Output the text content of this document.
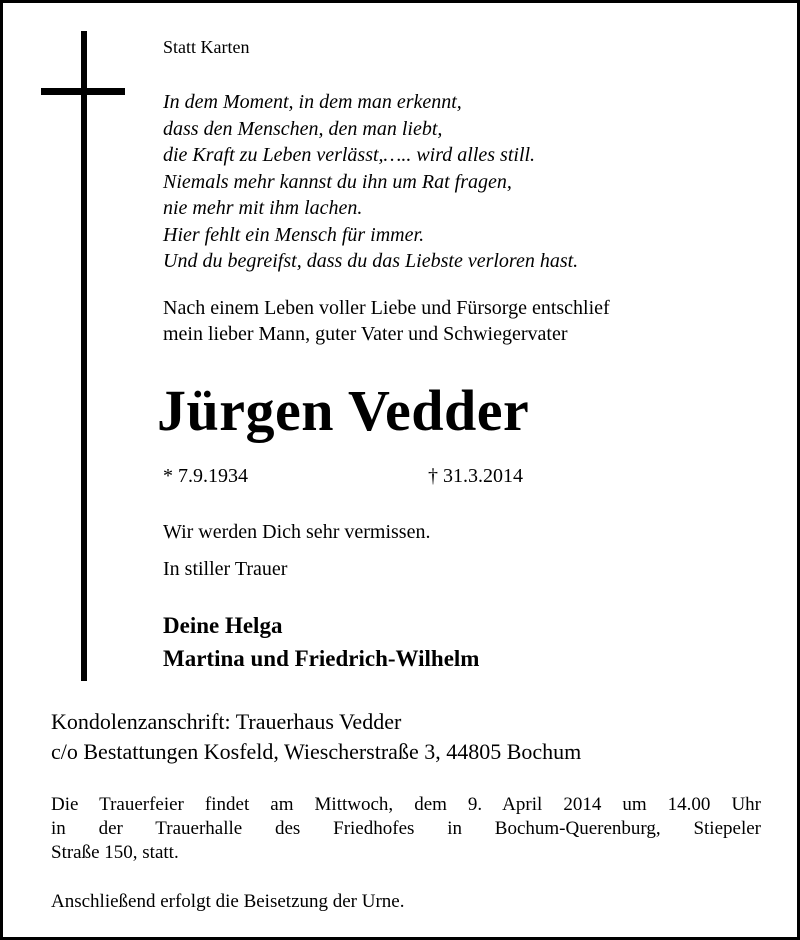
Statt Karten
In dem Moment, in dem man erkennt,
dass den Menschen, den man liebt,
die Kraft zu Leben verlässt,….. wird alles still.
Niemals mehr kannst du ihn um Rat fragen,
nie mehr mit ihm lachen.
Hier fehlt ein Mensch für immer.
Und du begreifst, dass du das Liebste verloren hast.
Nach einem Leben voller Liebe und Fürsorge entschlief
mein lieber Mann, guter Vater und Schwiegervater
Jürgen Vedder
* 7.9.1934	† 31.3.2014
Wir werden Dich sehr vermissen.
In stiller Trauer
Deine Helga
Martina und Friedrich-Wilhelm
Kondolenzanschrift: Trauerhaus Vedder
c/o Bestattungen Kosfeld, Wiescherstraße 3, 44805 Bochum
Die Trauerfeier findet am Mittwoch, dem 9. April 2014 um 14.00 Uhr
in der Trauerhalle des Friedhofes in Bochum-Querenburg, Stiepeler
Straße 150, statt.
Anschließend erfolgt die Beisetzung der Urne.
